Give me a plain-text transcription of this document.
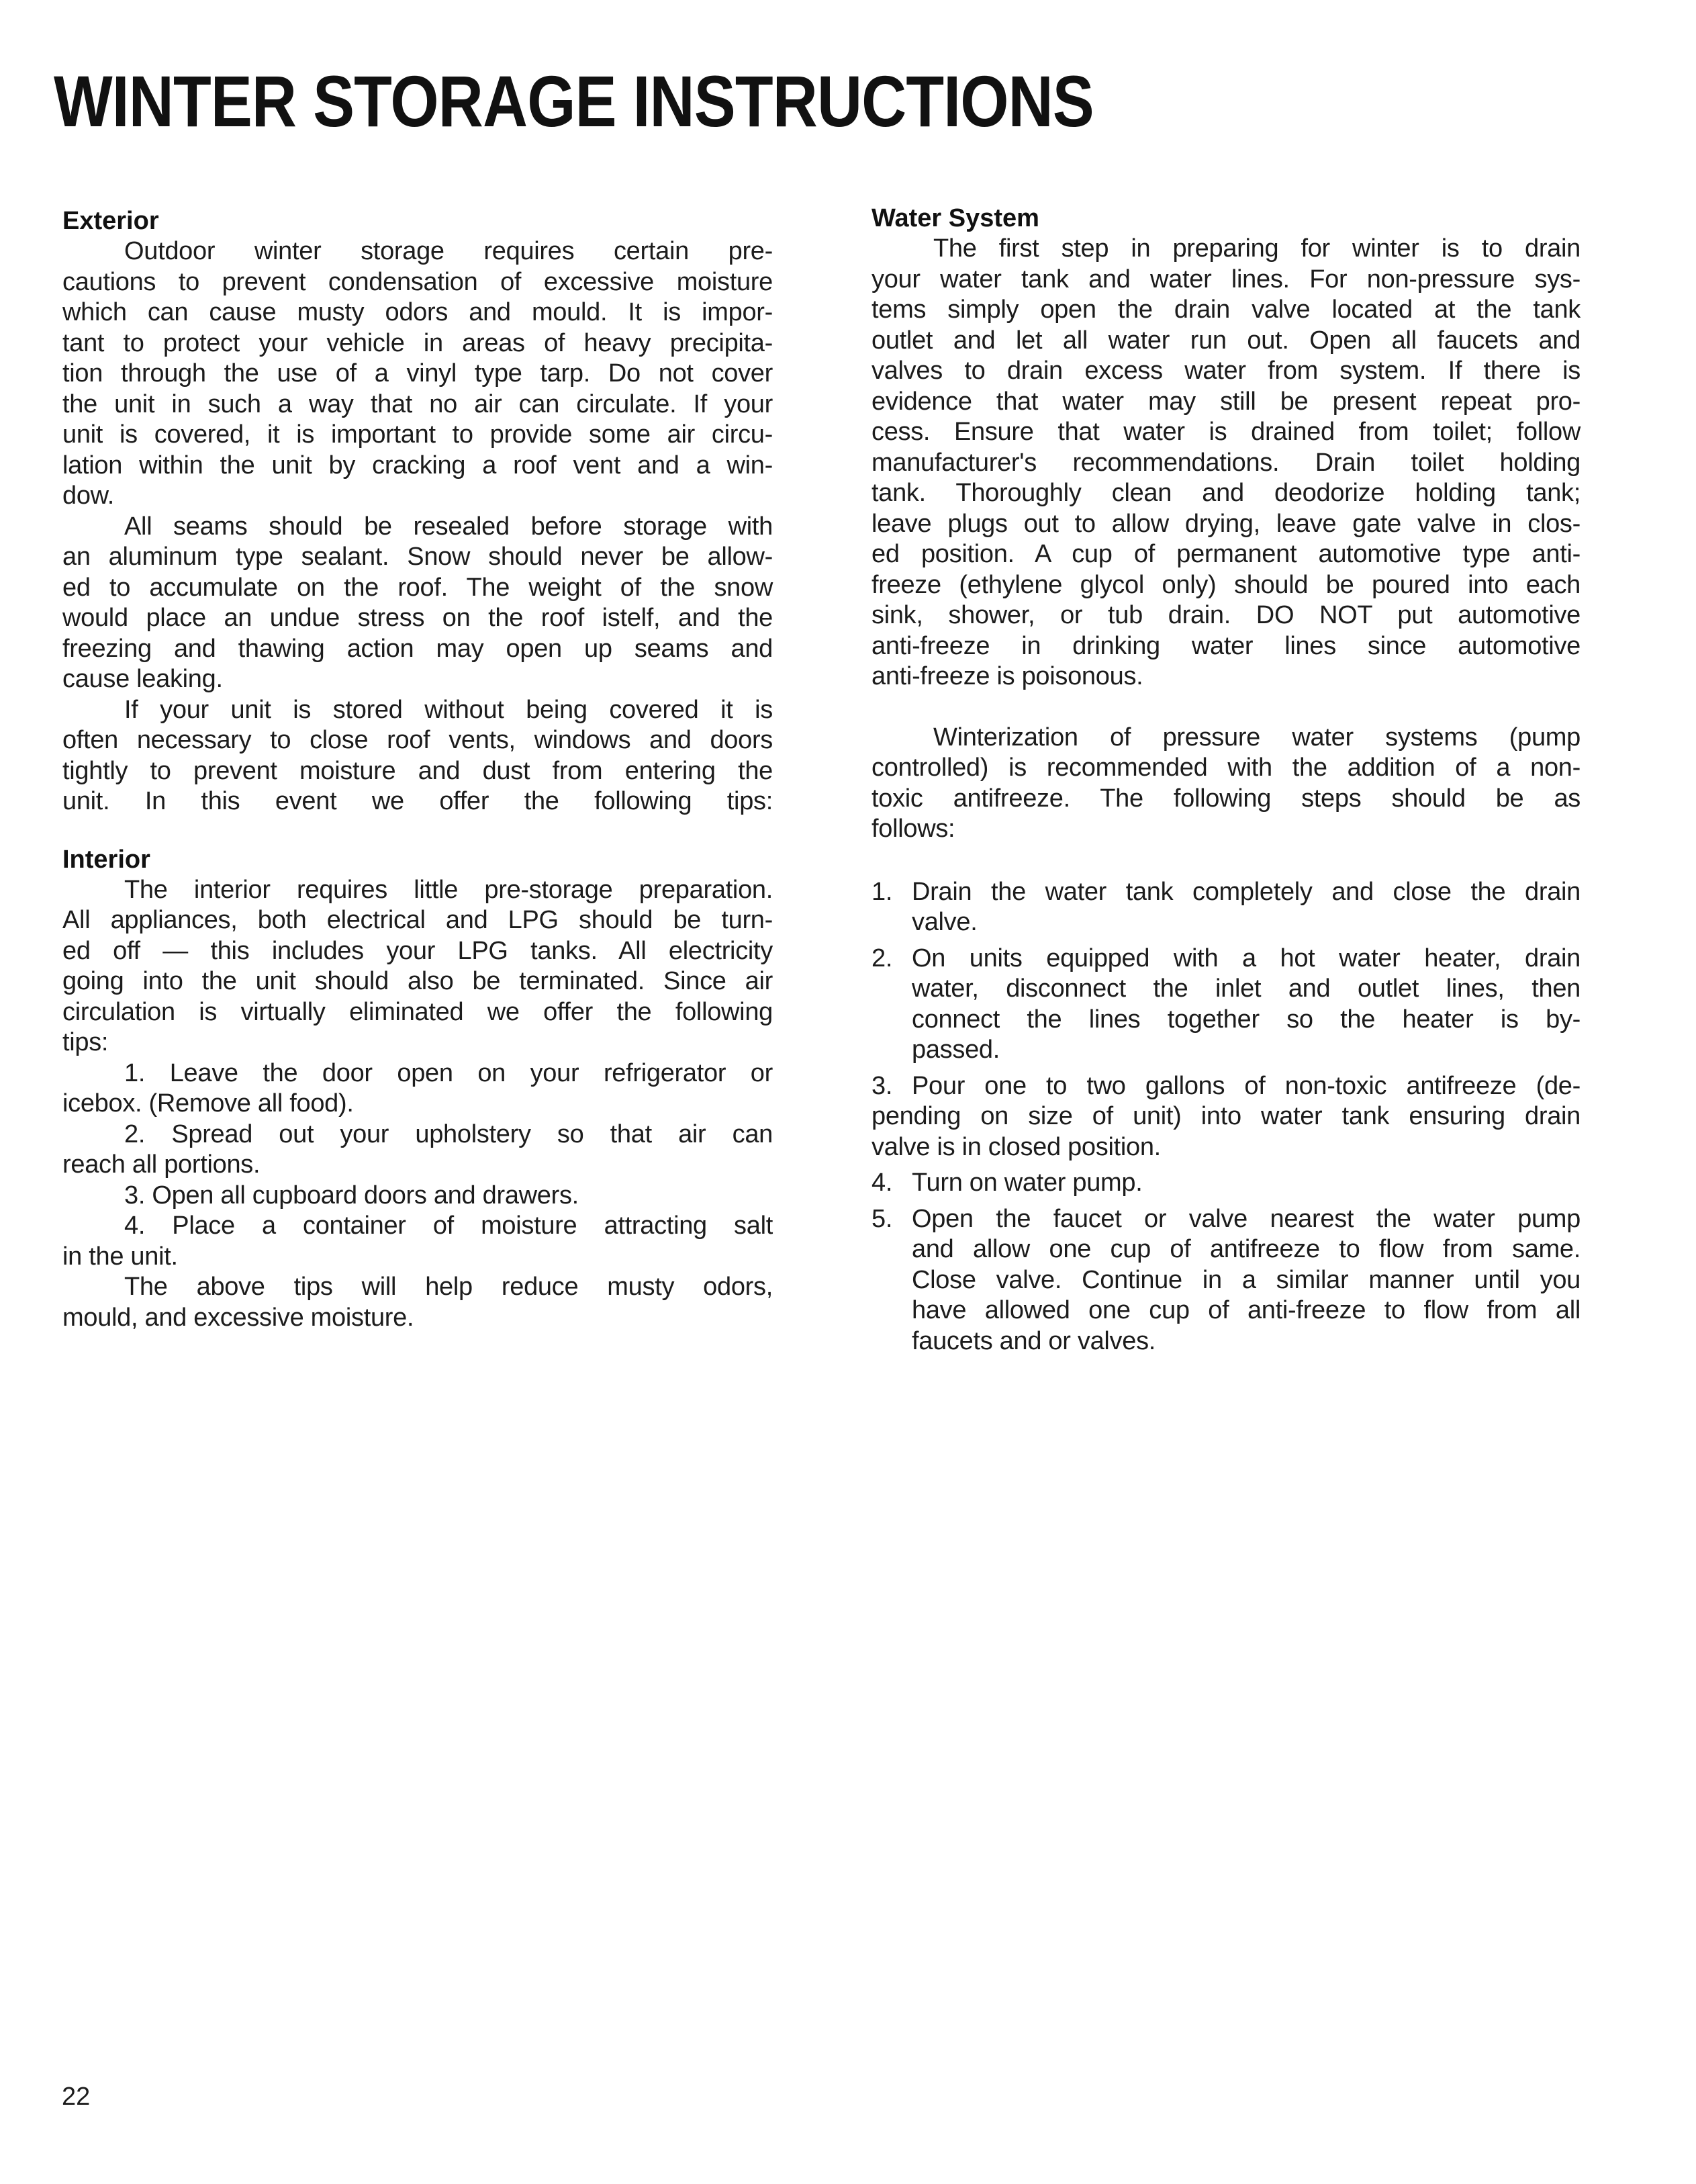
WINTER STORAGE INSTRUCTIONS
Exterior
Outdoor winter storage requires certain pre-
cautions to prevent condensation of excessive moisture
which can cause musty odors and mould. It is impor-
tant to protect your vehicle in areas of heavy precipita-
tion through the use of a vinyl type tarp. Do not cover
the unit in such a way that no air can circulate. If your
unit is covered, it is important to provide some air circu-
lation within the unit by cracking a roof vent and a win-
dow.
All seams should be resealed before storage with
an aluminum type sealant. Snow should never be allow-
ed to accumulate on the roof. The weight of the snow
would place an undue stress on the roof istelf, and the
freezing and thawing action may open up seams and
cause leaking.
If your unit is stored without being covered it is
often necessary to close roof vents, windows and doors
tightly to prevent moisture and dust from entering the
unit. In this event we offer the following tips:
Interior
The interior requires little pre-storage preparation.
All appliances, both electrical and LPG should be turn-
ed off — this includes your LPG tanks. All electricity
going into the unit should also be terminated. Since air
circulation is virtually eliminated we offer the following
tips:
1. Leave the door open on your refrigerator or
icebox. (Remove all food).
2. Spread out your upholstery so that air can
reach all portions.
3. Open all cupboard doors and drawers.
4. Place a container of moisture attracting salt
in the unit.
The above tips will help reduce musty odors,
mould, and excessive moisture.
Water System
The first step in preparing for winter is to drain
your water tank and water lines. For non-pressure sys-
tems simply open the drain valve located at the tank
outlet and let all water run out. Open all faucets and
valves to drain excess water from system. If there is
evidence that water may still be present repeat pro-
cess. Ensure that water is drained from toilet; follow
manufacturer's recommendations. Drain toilet holding
tank. Thoroughly clean and deodorize holding tank;
leave plugs out to allow drying, leave gate valve in clos-
ed position. A cup of permanent automotive type anti-
freeze (ethylene glycol only) should be poured into each
sink, shower, or tub drain. DO NOT put automotive
anti-freeze in drinking water lines since automotive
anti-freeze is poisonous.
Winterization of pressure water systems (pump
controlled) is recommended with the addition of a non-
toxic antifreeze. The following steps should be as
follows:
1. Drain the water tank completely and close the drain
valve.
2. On units equipped with a hot water heater, drain
water, disconnect the inlet and outlet lines, then
connect the lines together so the heater is by-
passed.
3. Pour one to two gallons of non-toxic antifreeze (de-
pending on size of unit) into water tank ensuring drain
valve is in closed position.
4. Turn on water pump.
5. Open the faucet or valve nearest the water pump
and allow one cup of antifreeze to flow from same.
Close valve. Continue in a similar manner until you
have allowed one cup of anti-freeze to flow from all
faucets and or valves.
22
